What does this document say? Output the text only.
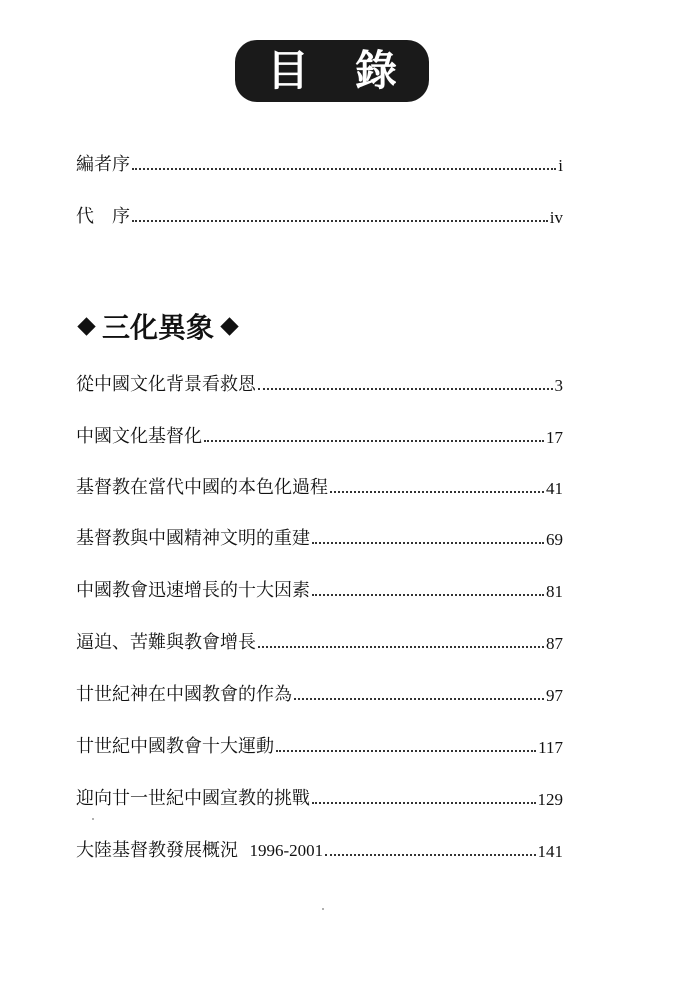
目 錄
編者序	i
代　序	iv
三化異象
從中國文化背景看救恩	3
中國文化基督化	17
基督教在當代中國的本色化過程	41
基督教與中國精神文明的重建	69
中國教會迅速增長的十大因素	81
逼迫、苦難與教會增長	87
廿世紀神在中國教會的作為	97
廿世紀中國教會十大運動	117
迎向廿一世紀中國宣教的挑戰	129
大陸基督教發展概況 1996-2001	141
